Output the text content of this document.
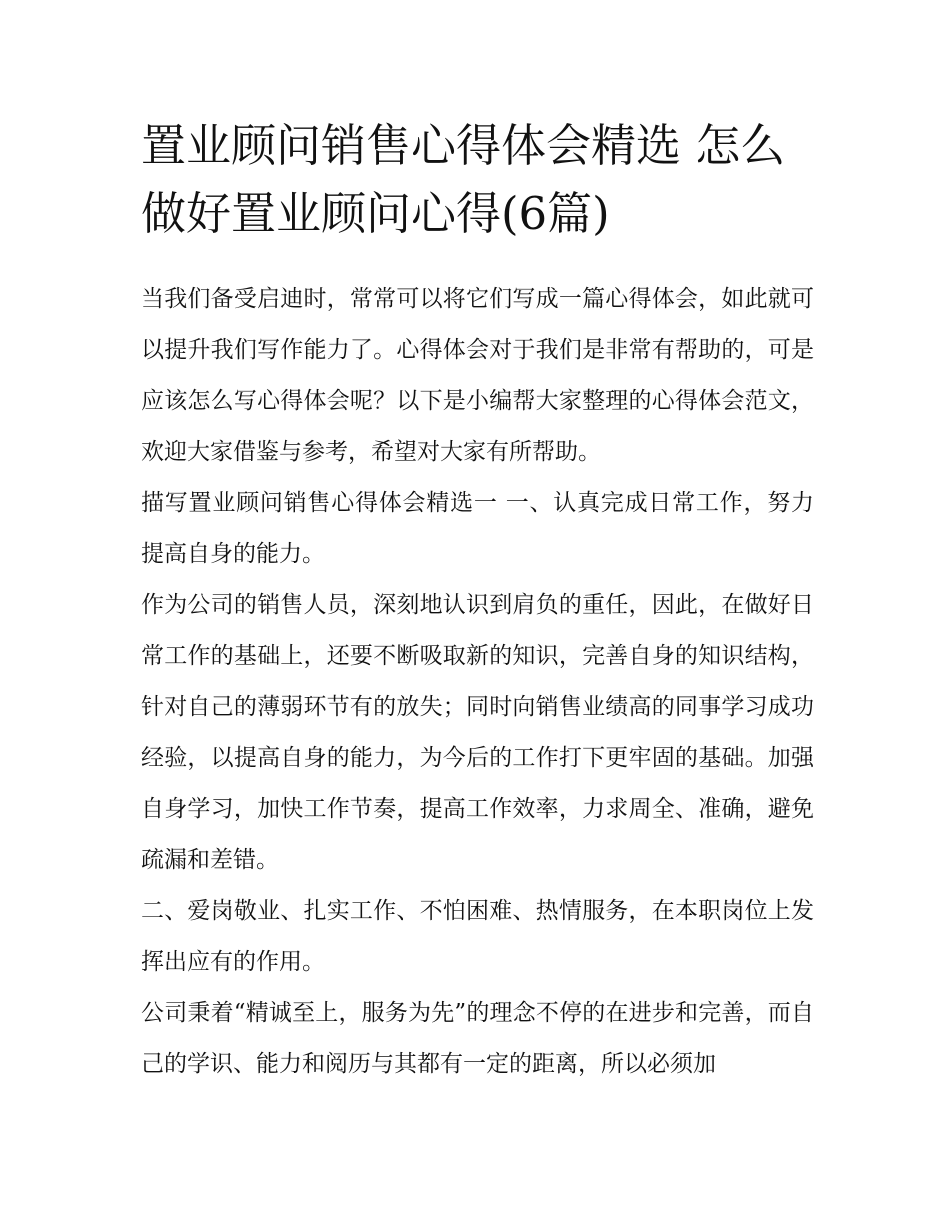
置业顾问销售心得体会精选 怎么做好置业顾问心得(6篇)

当我们备受启迪时，常常可以将它们写成一篇心得体会，如此就可以提升我们写作能力了。心得体会对于我们是非常有帮助的，可是应该怎么写心得体会呢？以下是小编帮大家整理的心得体会范文，欢迎大家借鉴与参考，希望对大家有所帮助。

描写置业顾问销售心得体会精选一 一、认真完成日常工作，努力提高自身的能力。

作为公司的销售人员，深刻地认识到肩负的重任，因此，在做好日常工作的基础上，还要不断吸取新的知识，完善自身的知识结构，针对自己的薄弱环节有的放失；同时向销售业绩高的同事学习成功经验，以提高自身的能力，为今后的工作打下更牢固的基础。加强自身学习，加快工作节奏，提高工作效率，力求周全、准确，避免疏漏和差错。

二、爱岗敬业、扎实工作、不怕困难、热情服务，在本职岗位上发挥出应有的作用。

公司秉着“精诚至上，服务为先”的理念不停的在进步和完善，而自己的学识、能力和阅历与其都有一定的距离，所以必须加
